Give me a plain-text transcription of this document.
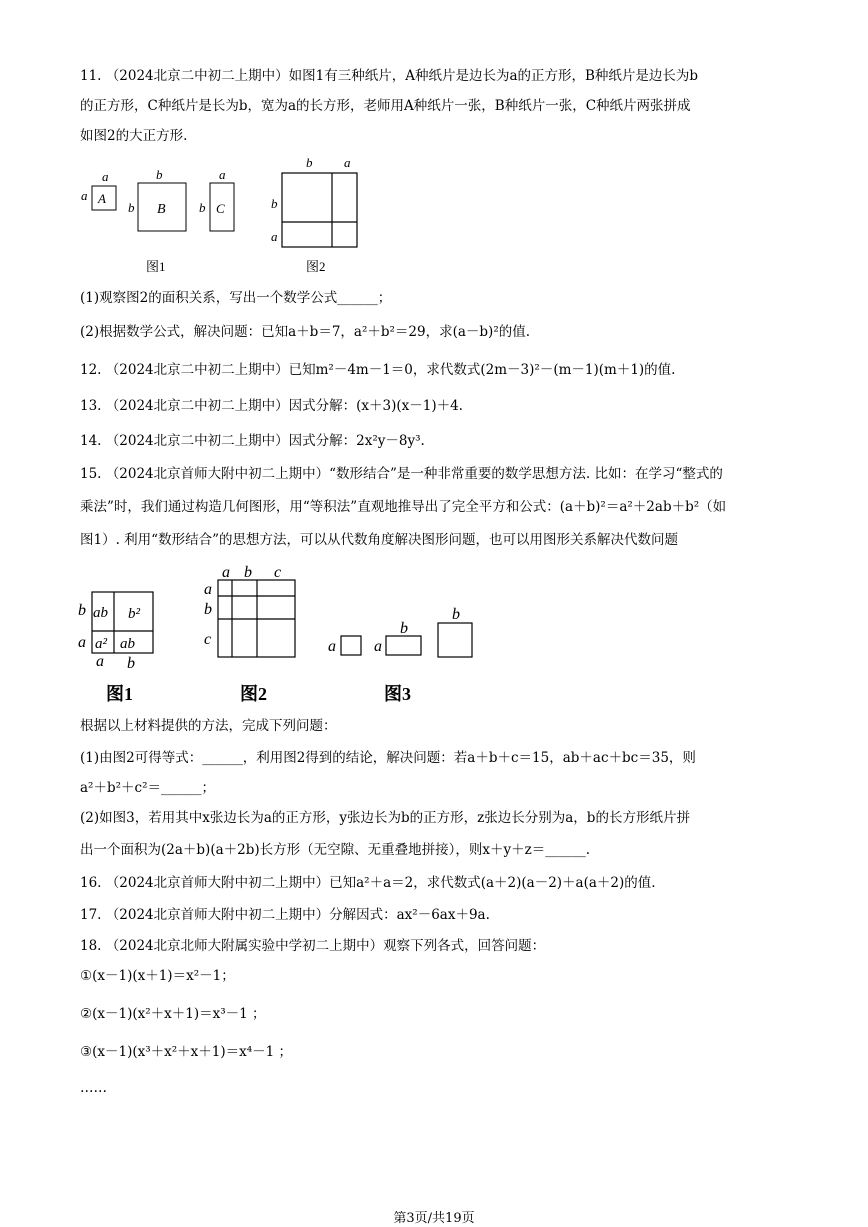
11. （2024北京二中初二上期中）如图1有三种纸片，A种纸片是边长为a的正方形，B种纸片是边长为b
的正方形，C种纸片是长为b，宽为a的长方形，老师用A种纸片一张，B种纸片一张，C种纸片两张拼成
如图2的大正方形.
a
a A
b
b B
a
b C
图1
b a
b
a
图2
(1)观察图2的面积关系，写出一个数学公式______；
(2)根据数学公式，解决问题：已知a＋b＝7，a²＋b²＝29，求(a－b)²的值.
12. （2024北京二中初二上期中）已知m²－4m－1＝0，求代数式(2m－3)²－(m－1)(m＋1)的值.
13. （2024北京二中初二上期中）因式分解：(x＋3)(x－1)＋4.
14. （2024北京二中初二上期中）因式分解：2x²y－8y³.
15. （2024北京首师大附中初二上期中）“数形结合”是一种非常重要的数学思想方法. 比如：在学习“整式的
乘法”时，我们通过构造几何图形，用“等积法”直观地推导出了完全平方和公式：(a＋b)²＝a²＋2ab＋b²（如
图1）. 利用“数形结合”的思想方法，可以从代数角度解决图形问题，也可以用图形关系解决代数问题
b
a
ab b²
a² ab
a b
图1
a b c
a
b
c
图2
a a
b
b
图3
根据以上材料提供的方法，完成下列问题：
(1)由图2可得等式：______，利用图2得到的结论，解决问题：若a＋b＋c＝15，ab＋ac＋bc＝35，则
a²＋b²＋c²＝______；
(2)如图3，若用其中x张边长为a的正方形，y张边长为b的正方形，z张边长分别为a，b的长方形纸片拼
出一个面积为(2a＋b)(a＋2b)长方形（无空隙、无重叠地拼接），则x＋y＋z＝______.
16. （2024北京首师大附中初二上期中）已知a²＋a＝2，求代数式(a＋2)(a－2)＋a(a＋2)的值.
17. （2024北京首师大附中初二上期中）分解因式：ax²－6ax＋9a.
18. （2024北京北师大附属实验中学初二上期中）观察下列各式，回答问题：
①(x－1)(x＋1)＝x²－1；
②(x－1)(x²＋x＋1)＝x³－1 ；
③(x－1)(x³＋x²＋x＋1)＝x⁴－1 ；
……
第3页/共19页
